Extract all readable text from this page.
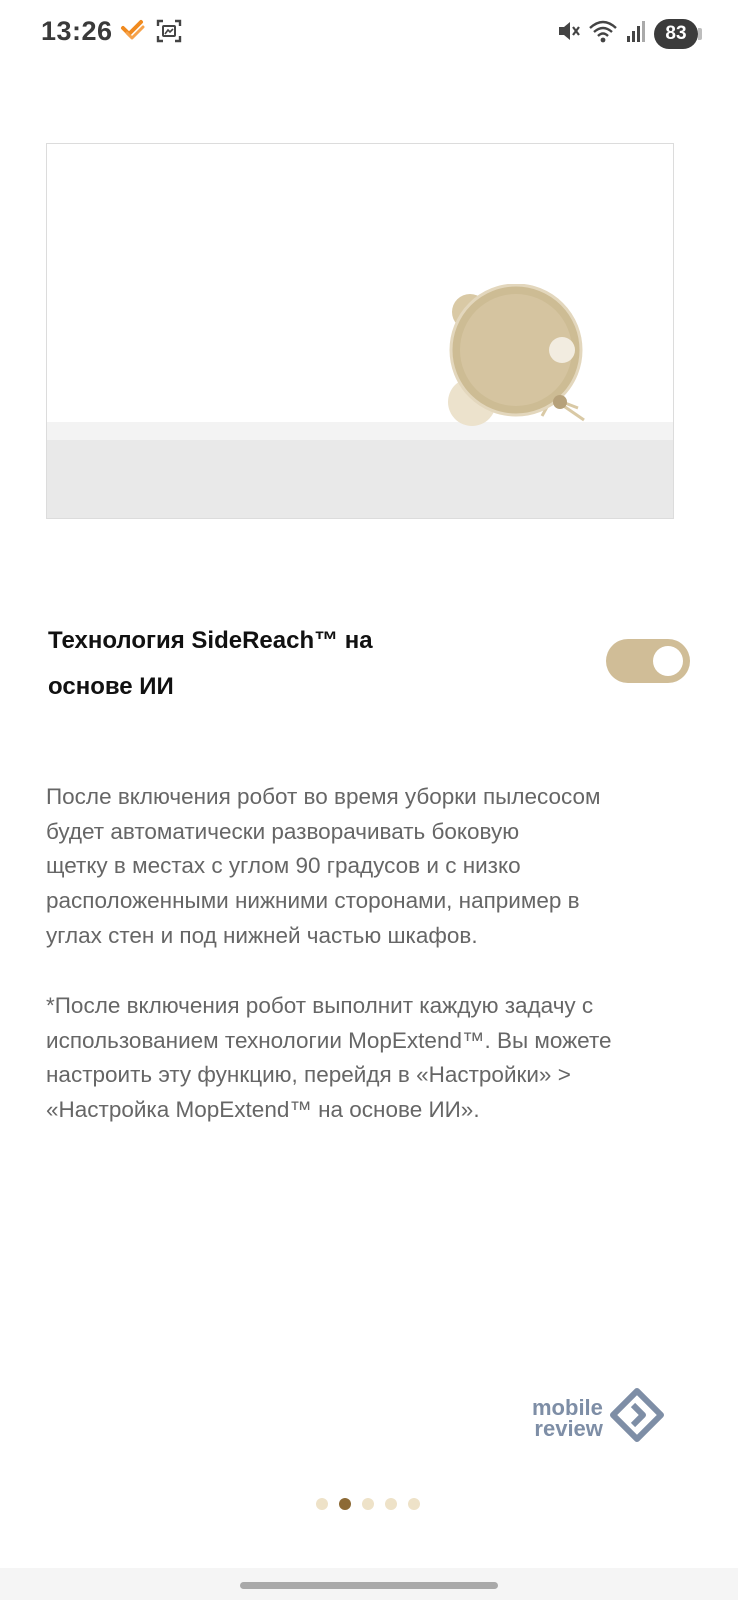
13:26	83
Технология SideReach™ на
основе ИИ

После включения робот во время уборки пылесосом
будет автоматически разворачивать боковую
щетку в местах с углом 90 градусов и с низко
расположенными нижними сторонами, например в
углах стен и под нижней частью шкафов.

*После включения робот выполнит каждую задачу с
использованием технологии MopExtend™. Вы можете
настроить эту функцию, перейдя в «Настройки» >
«Настройка MopExtend™ на основе ИИ».

mobile
review
